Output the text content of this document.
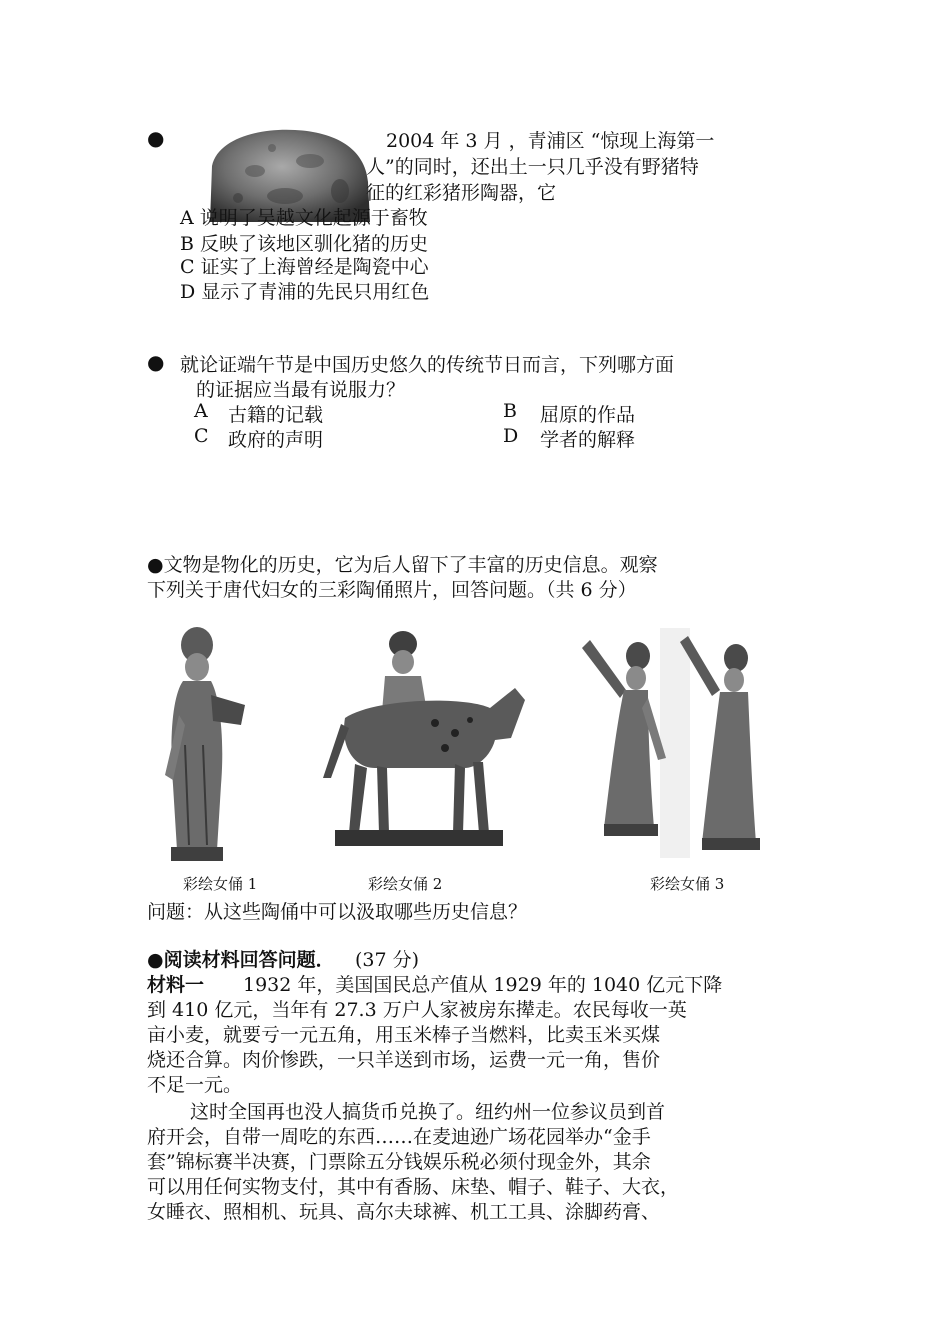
●	2004 年 3 月 ，青浦区 “惊现上海第一
人”的同时，还出土一只几乎没有野猪特
征的红彩猪形陶器，它
A 说明了吴越文化起源于畜牧
B 反映了该地区驯化猪的历史
C 证实了上海曾经是陶瓷中心
D 显示了青浦的先民只用红色
● 就论证端午节是中国历史悠久的传统节日而言，下列哪方面
的证据应当最有说服力？
A 古籍的记载	B 屈原的作品
C 政府的声明	D 学者的解释
●文物是物化的历史，它为后人留下了丰富的历史信息。观察
下列关于唐代妇女的三彩陶俑照片，回答问题。（共 6 分）
彩绘女俑 1	彩绘女俑 2	彩绘女俑 3
问题：从这些陶俑中可以汲取哪些历史信息？
●阅读材料回答问题． (37 分)
材料一 1932 年，美国国民总产值从 1929 年的 1040 亿元下降
到 410 亿元，当年有 27.3 万户人家被房东撵走。农民每收一英
亩小麦，就要亏一元五角，用玉米棒子当燃料，比卖玉米买煤
烧还合算。肉价惨跌，一只羊送到市场，运费一元一角，售价
不足一元。
这时全国再也没人搞货币兑换了。纽约州一位参议员到首
府开会，自带一周吃的东西……在麦迪逊广场花园举办“金手
套”锦标赛半决赛，门票除五分钱娱乐税必须付现金外，其余
可以用任何实物支付，其中有香肠、床垫、帽子、鞋子、大衣，
女睡衣、照相机、玩具、高尔夫球裤、机工工具、涂脚药膏、
